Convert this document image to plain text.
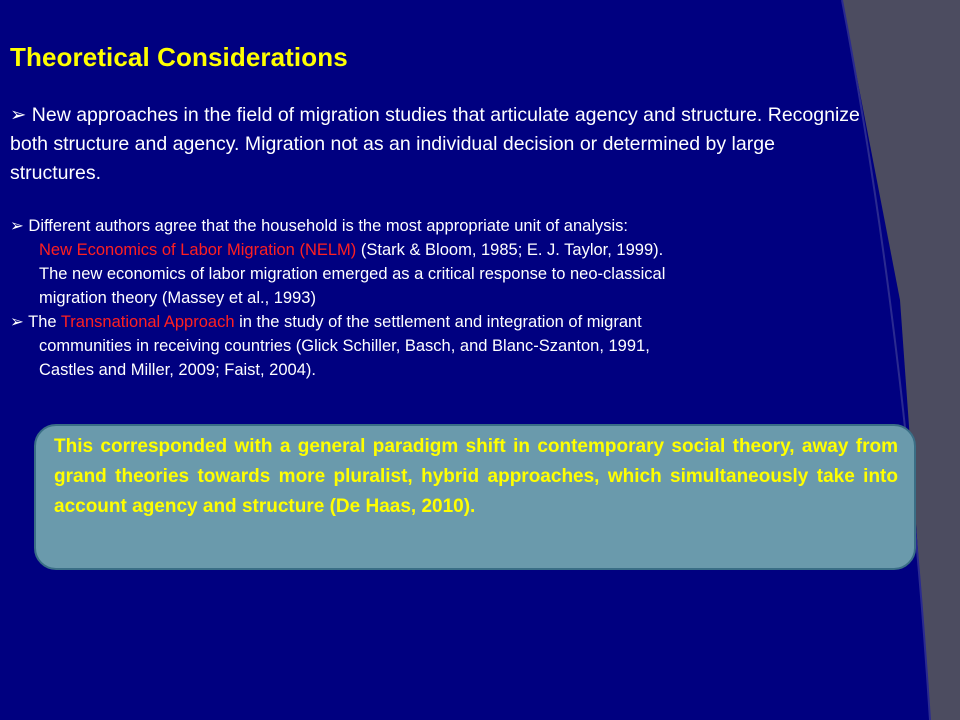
Theoretical Considerations
➢ New approaches in the field of migration studies that articulate agency and structure. Recognize both structure and agency. Migration not as an individual decision or determined by large structures.
➢ Different authors agree that the household is the most appropriate unit of analysis:
New Economics of Labor Migration (NELM) (Stark & Bloom, 1985; E. J. Taylor, 1999).
The new economics of labor migration emerged as a critical response to neo-classical
migration theory (Massey et al., 1993)
➢ The Transnational Approach in the study of the settlement and integration of migrant
communities in receiving countries (Glick Schiller, Basch, and Blanc-Szanton, 1991,
Castles and Miller, 2009; Faist, 2004).

This corresponded with a general paradigm shift in contemporary social theory, away from grand theories towards more pluralist, hybrid approaches, which simultaneously take into account agency and structure (De Haas, 2010).
